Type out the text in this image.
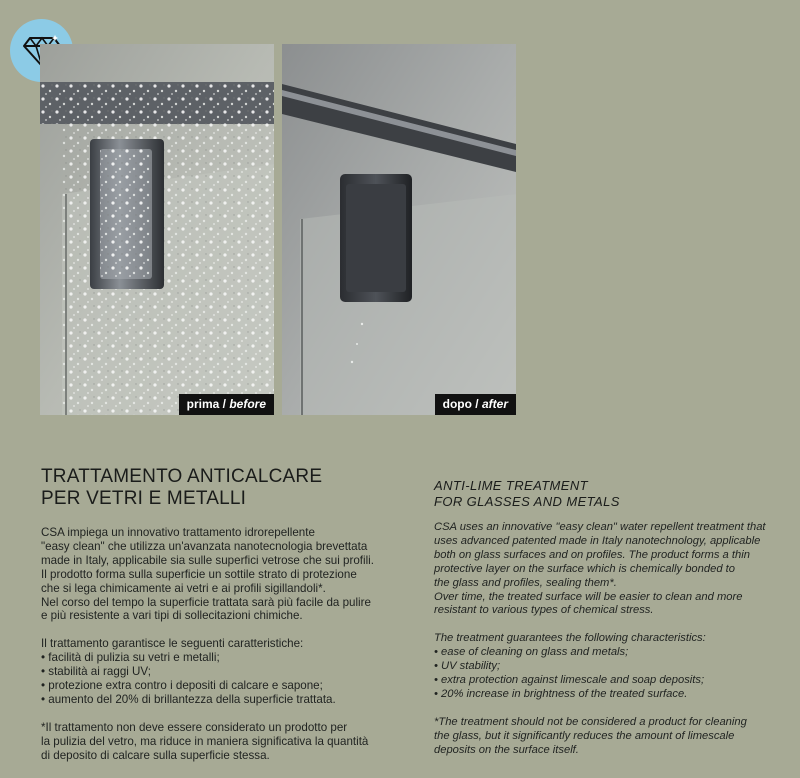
prima / before	dopo / after
TRATTAMENTO ANTICALCARE
PER VETRI E METALLI

CSA impiega un innovativo trattamento idrorepellente
"easy clean" che utilizza un'avanzata nanotecnologia brevettata
made in Italy, applicabile sia sulle superfici vetrose che sui profili.
Il prodotto forma sulla superficie un sottile strato di protezione
che si lega chimicamente ai vetri e ai profili sigillandoli*.
Nel corso del tempo la superficie trattata sarà più facile da pulire
e più resistente a vari tipi di sollecitazioni chimiche.

Il trattamento garantisce le seguenti caratteristiche:

• facilità di pulizia su vetri e metalli;
• stabilità ai raggi UV;
• protezione extra contro i depositi di calcare e sapone;
• aumento del 20% di brillantezza della superficie trattata.

*Il trattamento non deve essere considerato un prodotto per
la pulizia del vetro, ma riduce in maniera significativa la quantità
di deposito di calcare sulla superficie stessa.

ANTI-LIME TREATMENT
FOR GLASSES AND METALS

CSA uses an innovative "easy clean" water repellent treatment that
uses advanced patented made in Italy nanotechnology, applicable
both on glass surfaces and on profiles. The product forms a thin
protective layer on the surface which is chemically bonded to
the glass and profiles, sealing them*.
Over time, the treated surface will be easier to clean and more
resistant to various types of chemical stress.

The treatment guarantees the following characteristics:

• ease of cleaning on glass and metals;
• UV stability;
• extra protection against limescale and soap deposits;
• 20% increase in brightness of the treated surface.

*The treatment should not be considered a product for cleaning
the glass, but it significantly reduces the amount of limescale
deposits on the surface itself.
